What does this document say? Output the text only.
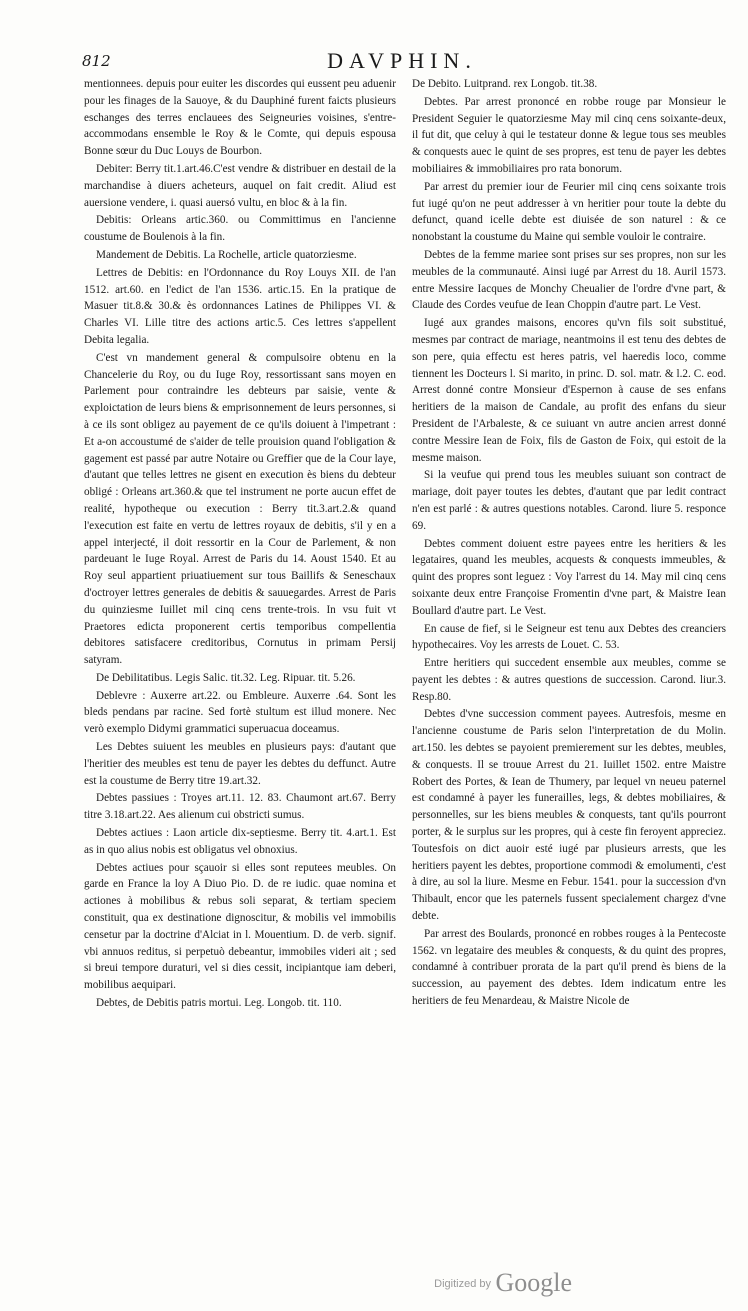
812	DAVPHIN.

mentionnees. depuis pour euiter les discordes qui eussent peu aduenir pour les finages de la Sauoye, & du Dauphiné furent faicts plusieurs eschanges des terres enclauees des Seigneuries voisines, s'entre-accommodans ensemble le Roy & le Comte, qui depuis espousa Bonne sœur du Duc Louys de Bourbon.

Debiter: Berry tit.1.art.46.C'est vendre & distribuer en destail de la marchandise à diuers acheteurs, auquel on fait credit. Aliud est auersione vendere, i. quasi auersó vultu, en bloc & à la fin.

Debitis: Orleans artic.360. ou Committimus en l'ancienne coustume de Boulenois à la fin.

Mandement de Debitis. La Rochelle, article quatorziesme.

Lettres de Debitis: en l'Ordonnance du Roy Louys XII. de l'an 1512. art.60. en l'edict de l'an 1536. artic.15. En la pratique de Masuer tit.8.& 30.& ès ordonnances Latines de Philippes VI. & Charles VI. Lille titre des actions artic.5. Ces lettres s'appellent Debita legalia.

C'est vn mandement general & compulsoire obtenu en la Chancelerie du Roy, ou du Iuge Roy, ressortissant sans moyen en Parlement pour contraindre les debteurs par saisie, vente & exploictation de leurs biens & emprisonnement de leurs personnes, si à ce ils sont obligez au payement de ce qu'ils doiuent à l'impetrant : Et a-on accoustumé de s'aider de telle prouision quand l'obligation & gagement est passé par autre Notaire ou Greffier que de la Cour laye, d'autant que telles lettres ne gisent en execution ès biens du debteur obligé : Orleans art.360.& que tel instrument ne porte aucun effet de realité, hypotheque ou execution : Berry tit.3.art.2.& quand l'execution est faite en vertu de lettres royaux de debitis, s'il y en a appel interjecté, il doit ressortir en la Cour de Parlement, & non pardeuant le Iuge Royal. Arrest de Paris du 14. Aoust 1540. Et au Roy seul appartient priuatiuement sur tous Baillifs & Seneschaux d'octroyer lettres generales de debitis & sauuegardes. Arrest de Paris du quinziesme Iuillet mil cinq cens trente-trois. In vsu fuit vt Praetores edicta proponerent certis temporibus compellentia debitores satisfacere creditoribus, Cornutus in primam Persij satyram.

De Debilitatibus. Legis Salic. tit.32. Leg. Ripuar. tit. 5.26.

Deblevre : Auxerre art.22. ou Embleure. Auxerre .64. Sont les bleds pendans par racine. Sed fortè stultum est illud monere. Nec verò exemplo Didymi grammatici superuacua doceamus.

Les Debtes suiuent les meubles en plusieurs pays: d'autant que l'heritier des meubles est tenu de payer les debtes du deffunct. Autre est la coustume de Berry titre 19.art.32.

Debtes passiues : Troyes art.11. 12. 83. Chaumont art.67. Berry titre 3.18.art.22. Aes alienum cui obstricti sumus.

Debtes actiues : Laon article dix-septiesme. Berry tit. 4.art.1. Est as in quo alius nobis est obligatus vel obnoxius.

Debtes actiues pour sçauoir si elles sont reputees meubles. On garde en France la loy A Diuo Pio. D. de re iudic. quae nomina et actiones à mobilibus & rebus soli separat, & tertiam speciem constituit, qua ex destinatione dignoscitur, & mobilis vel immobilis censetur par la doctrine d'Alciat in l. Mouentium. D. de verb. signif. vbi annuos reditus, si perpetuò debeantur, immobiles videri ait ; sed si breui tempore duraturi, vel si dies cessit, incipiantque iam deberi, mobilibus aequipari.

Debtes, de Debitis patris mortui. Leg. Longob. tit. 110.

De Debito. Luitprand. rex Longob. tit.38.

Debtes. Par arrest prononcé en robbe rouge par Monsieur le President Seguier le quatorziesme May mil cinq cens soixante-deux, il fut dit, que celuy à qui le testateur donne & legue tous ses meubles & conquests auec le quint de ses propres, est tenu de payer les debtes mobiliaires & immobiliaires pro rata bonorum.

Par arrest du premier iour de Feurier mil cinq cens soixante trois fut iugé qu'on ne peut addresser à vn heritier pour toute la debte du defunct, quand icelle debte est diuisée de son naturel : & ce nonobstant la coustume du Maine qui semble vouloir le contraire.

Debtes de la femme mariee sont prises sur ses propres, non sur les meubles de la communauté. Ainsi iugé par Arrest du 18. Auril 1573. entre Messire Iacques de Monchy Cheualier de l'ordre d'vne part, & Claude des Cordes veufue de Iean Choppin d'autre part. Le Vest.

Iugé aux grandes maisons, encores qu'vn fils soit substitué, mesmes par contract de mariage, neantmoins il est tenu des debtes de son pere, quia effectu est heres patris, vel haeredis loco, comme tiennent les Docteurs l. Si marito, in princ. D. sol. matr. & l.2. C. eod. Arrest donné contre Monsieur d'Espernon à cause de ses enfans heritiers de la maison de Candale, au profit des enfans du sieur President de l'Arbaleste, & ce suiuant vn autre ancien arrest donné contre Messire Iean de Foix, fils de Gaston de Foix, qui estoit de la mesme maison.

Si la veufue qui prend tous les meubles suiuant son contract de mariage, doit payer toutes les debtes, d'autant que par ledit contract n'en est parlé : & autres questions notables. Carond. liure 5. responce 69.

Debtes comment doiuent estre payees entre les heritiers & les legataires, quand les meubles, acquests & conquests immeubles, & quint des propres sont leguez : Voy l'arrest du 14. May mil cinq cens soixante deux entre Françoise Fromentin d'vne part, & Maistre Iean Boullard d'autre part. Le Vest.

En cause de fief, si le Seigneur est tenu aux Debtes des creanciers hypothecaires. Voy les arrests de Louet. C. 53.

Entre heritiers qui succedent ensemble aux meubles, comme se payent les debtes : & autres questions de succession. Carond. liur.3. Resp.80.

Debtes d'vne succession comment payees. Autresfois, mesme en l'ancienne coustume de Paris selon l'interpretation de du Molin. art.150. les debtes se payoient premierement sur les debtes, meubles, & conquests. Il se trouue Arrest du 21. Iuillet 1502. entre Maistre Robert des Portes, & Iean de Thumery, par lequel vn neueu paternel est condamné à payer les funerailles, legs, & debtes mobiliaires, & personnelles, sur les biens meubles & conquests, tant qu'ils pourront porter, & le surplus sur les propres, qui à ceste fin feroyent appreciez. Toutesfois on dict auoir esté iugé par plusieurs arrests, que les heritiers payent les debtes, proportione commodi & emolumenti, c'est à dire, au sol la liure. Mesme en Febur. 1541. pour la succession d'vn Thibault, encor que les paternels fussent specialement chargez d'vne debte.

Par arrest des Boulards, prononcé en robbes rouges à la Pentecoste 1562. vn legataire des meubles & conquests, & du quint des propres, condamné à contribuer prorata de la part qu'il prend ès biens de la succession, au payement des debtes. Idem indicatum entre les heritiers de feu Menardeau, & Maistre Nicole de

$^{Digitized by}$ Google
